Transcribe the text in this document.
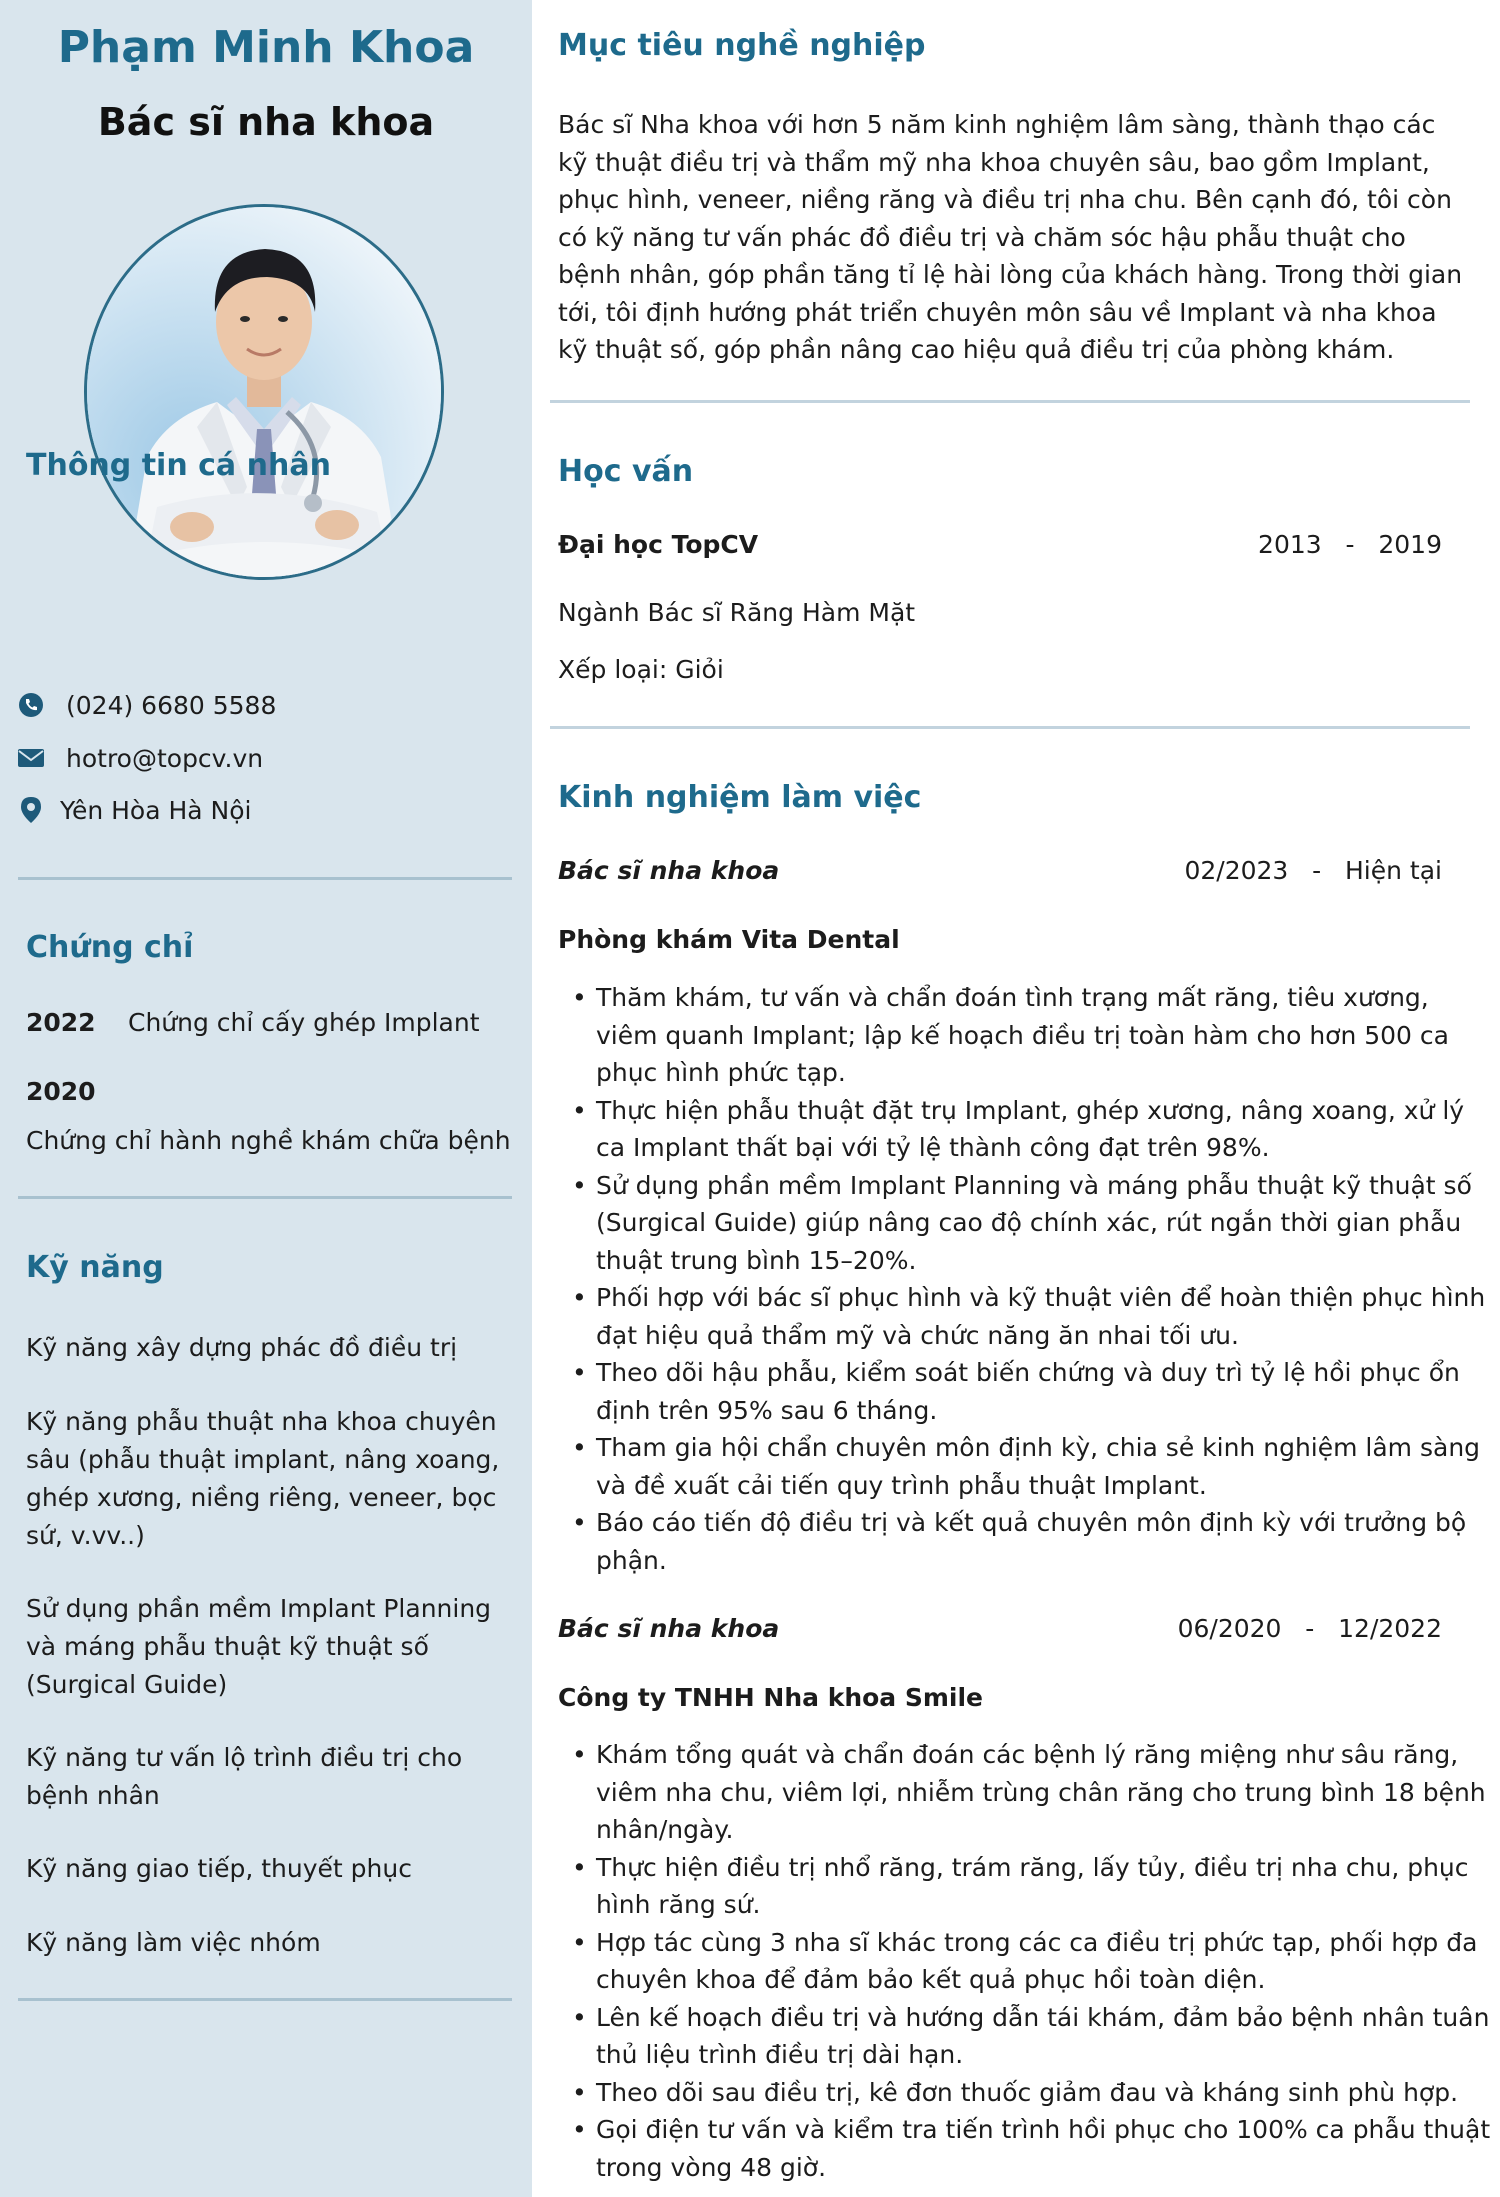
Phạm Minh Khoa
Bác sĩ nha khoa
Thông tin cá nhân
(024) 6680 5588
hotro@topcv.vn
Yên Hòa Hà Nội
Chứng chỉ
2022 Chứng chỉ cấy ghép Implant
2020
Chứng chỉ hành nghề khám chữa bệnh
Kỹ năng
Kỹ năng xây dựng phác đồ điều trị
Kỹ năng phẫu thuật nha khoa chuyên sâu (phẫu thuật implant, nâng xoang, ghép xương, niềng riêng, veneer, bọc sứ, v.vv..)
Sử dụng phần mềm Implant Planning và máng phẫu thuật kỹ thuật số (Surgical Guide)
Kỹ năng tư vấn lộ trình điều trị cho bệnh nhân
Kỹ năng giao tiếp, thuyết phục
Kỹ năng làm việc nhóm
Mục tiêu nghề nghiệp
Bác sĩ Nha khoa với hơn 5 năm kinh nghiệm lâm sàng, thành thạo các kỹ thuật điều trị và thẩm mỹ nha khoa chuyên sâu, bao gồm Implant, phục hình, veneer, niềng răng và điều trị nha chu. Bên cạnh đó, tôi còn có kỹ năng tư vấn phác đồ điều trị và chăm sóc hậu phẫu thuật cho bệnh nhân, góp phần tăng tỉ lệ hài lòng của khách hàng. Trong thời gian tới, tôi định hướng phát triển chuyên môn sâu về Implant và nha khoa kỹ thuật số, góp phần nâng cao hiệu quả điều trị của phòng khám.
Học vấn
Đại học TopCV	2013   -   2019
Ngành Bác sĩ Răng Hàm Mặt
Xếp loại: Giỏi
Kinh nghiệm làm việc
Bác sĩ nha khoa	02/2023   -   Hiện tại
Phòng khám Vita Dental
• Thăm khám, tư vấn và chẩn đoán tình trạng mất răng, tiêu xương, viêm quanh Implant; lập kế hoạch điều trị toàn hàm cho hơn 500 ca phục hình phức tạp.
• Thực hiện phẫu thuật đặt trụ Implant, ghép xương, nâng xoang, xử lý ca Implant thất bại với tỷ lệ thành công đạt trên 98%.
• Sử dụng phần mềm Implant Planning và máng phẫu thuật kỹ thuật số (Surgical Guide) giúp nâng cao độ chính xác, rút ngắn thời gian phẫu thuật trung bình 15–20%.
• Phối hợp với bác sĩ phục hình và kỹ thuật viên để hoàn thiện phục hình đạt hiệu quả thẩm mỹ và chức năng ăn nhai tối ưu.
• Theo dõi hậu phẫu, kiểm soát biến chứng và duy trì tỷ lệ hồi phục ổn định trên 95% sau 6 tháng.
• Tham gia hội chẩn chuyên môn định kỳ, chia sẻ kinh nghiệm lâm sàng và đề xuất cải tiến quy trình phẫu thuật Implant.
• Báo cáo tiến độ điều trị và kết quả chuyên môn định kỳ với trưởng bộ phận.
Bác sĩ nha khoa	06/2020   -   12/2022
Công ty TNHH Nha khoa Smile
• Khám tổng quát và chẩn đoán các bệnh lý răng miệng như sâu răng, viêm nha chu, viêm lợi, nhiễm trùng chân răng cho trung bình 18 bệnh nhân/ngày.
• Thực hiện điều trị nhổ răng, trám răng, lấy tủy, điều trị nha chu, phục hình răng sứ.
• Hợp tác cùng 3 nha sĩ khác trong các ca điều trị phức tạp, phối hợp đa chuyên khoa để đảm bảo kết quả phục hồi toàn diện.
• Lên kế hoạch điều trị và hướng dẫn tái khám, đảm bảo bệnh nhân tuân thủ liệu trình điều trị dài hạn.
• Theo dõi sau điều trị, kê đơn thuốc giảm đau và kháng sinh phù hợp.
• Gọi điện tư vấn và kiểm tra tiến trình hồi phục cho 100% ca phẫu thuật trong vòng 48 giờ.
